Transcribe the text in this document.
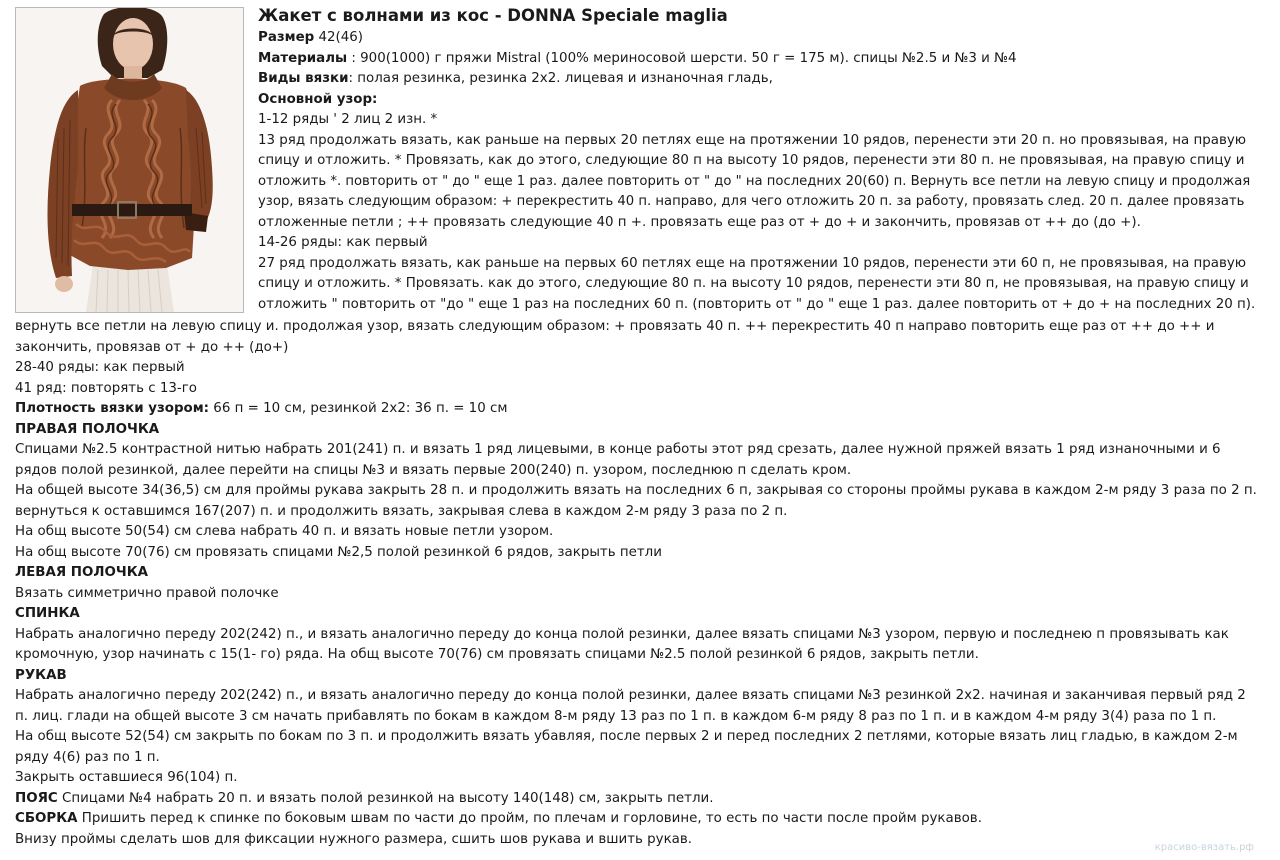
Жакет с волнами из кос - DONNA Speciale maglia
Размер 42(46)
Материалы : 900(1000) г пряжи Mistral (100% мериносовой шерсти. 50 г = 175 м). спицы №2.5 и №3 и №4
Виды вязки: полая резинка, резинка 2х2. лицевая и изнаночная гладь,
Основной узор:
1-12 ряды ' 2 лиц 2 изн. *
13 ряд продолжать вязать, как раньше на первых 20 петлях еще на протяжении 10 рядов, перенести эти 20 п. но провязывая, на правую
спицу и отложить. * Провязать, как до этого, следующие 80 п на высоту 10 рядов, перенести эти 80 п. не провязывая, на правую спицу и
отложить *. повторить от " до " еще 1 раз. далее повторить от " до " на последних 20(60) п. Вернуть все петли на левую спицу и продолжая
узор, вязать следующим образом: + перекрестить 40 п. направо, для чего отложить 20 п. за работу, провязать след. 20 п. далее провязать
отложенные петли ; ++ провязать следующие 40 п +. провязать еще раз от + до + и закончить, провязав от ++ до (до +).
14-26 ряды: как первый
27 ряд продолжать вязать, как раньше на первых 60 петлях еще на протяжении 10 рядов, перенести эти 60 п, не провязывая, на правую
спицу и отложить. * Провязать. как до этого, следующие 80 п. на высоту 10 рядов, перенести эти 80 п, не провязывая, на правую спицу и
отложить " повторить от "до " еще 1 раз на последних 60 п. (повторить от " до " еще 1 раз. далее повторить от + до + на последних 20 п).
вернуть все петли на левую спицу и. продолжая узор, вязать следующим образом: + провязать 40 п. ++ перекрестить 40 п направо повторить еще раз от ++ до ++ и
закончить, провязав от + до ++ (до+)
28-40 ряды: как первый
41 ряд: повторять с 13-го
Плотность вязки узором: 66 п = 10 см, резинкой 2х2: 36 п. = 10 см
ПРАВАЯ ПОЛОЧКА
Спицами №2.5 контрастной нитью набрать 201(241) п. и вязать 1 ряд лицевыми, в конце работы этот ряд срезать, далее нужной пряжей вязать 1 ряд изнаночными и 6
рядов полой резинкой, далее перейти на спицы №3 и вязать первые 200(240) п. узором, последнюю п сделать кром.
На общей высоте 34(36,5) см для проймы рукава закрыть 28 п. и продолжить вязать на последних 6 п, закрывая со стороны проймы рукава в каждом 2-м ряду 3 раза по 2 п.
вернуться к оставшимся 167(207) п. и продолжить вязать, закрывая слева в каждом 2-м ряду 3 раза по 2 п.
На общ высоте 50(54) см слева набрать 40 п. и вязать новые петли узором.
На общ высоте 70(76) см провязать спицами №2,5 полой резинкой 6 рядов, закрыть петли
ЛЕВАЯ ПОЛОЧКА
Вязать симметрично правой полочке
СПИНКА
Набрать аналогично переду 202(242) п., и вязать аналогично переду до конца полой резинки, далее вязать спицами №3 узором, первую и последнею п провязывать как
кромочную, узор начинать с 15(1- го) ряда. На общ высоте 70(76) см провязать спицами №2.5 полой резинкой 6 рядов, закрыть петли.
РУКАВ
Набрать аналогично переду 202(242) п., и вязать аналогично переду до конца полой резинки, далее вязать спицами №3 резинкой 2х2. начиная и заканчивая первый ряд 2
п. лиц. глади на общей высоте 3 см начать прибавлять по бокам в каждом 8-м ряду 13 раз по 1 п. в каждом 6-м ряду 8 раз по 1 п. и в каждом 4-м ряду 3(4) раза по 1 п.
На общ высоте 52(54) см закрыть по бокам по 3 п. и продолжить вязать убавляя, после первых 2 и перед последних 2 петлями, которые вязать лиц гладью, в каждом 2-м
ряду 4(6) раз по 1 п.
Закрыть оставшиеся 96(104) п.
ПОЯС Спицами №4 набрать 20 п. и вязать полой резинкой на высоту 140(148) см, закрыть петли.
СБОРКА Пришить перед к спинке по боковым швам по части до пройм, по плечам и горловине, то есть по части после пройм рукавов.
Внизу проймы сделать шов для фиксации нужного размера, сшить шов рукава и вшить рукав.
красиво-вязать.рф
